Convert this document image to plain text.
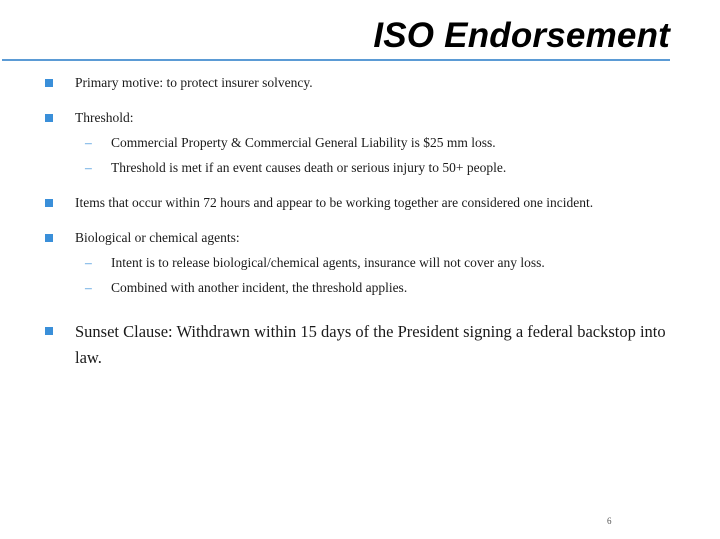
ISO Endorsement
Primary motive: to protect insurer solvency.
Threshold:
– Commercial Property & Commercial General Liability is $25 mm loss.
– Threshold is met if an event causes death or serious injury to 50+ people.
Items that occur within 72 hours and appear to be working together are considered one incident.
Biological or chemical agents:
– Intent is to release biological/chemical agents, insurance will not cover any loss.
– Combined with another incident, the threshold applies.
Sunset Clause: Withdrawn within 15 days of the President signing a federal backstop into law.
6
